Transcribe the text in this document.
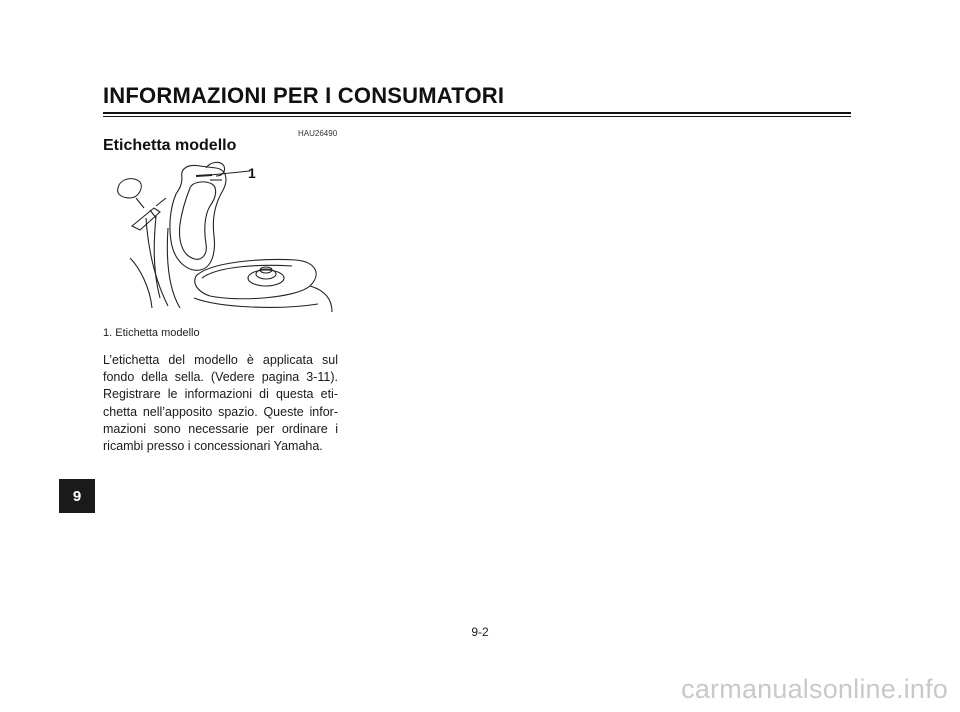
INFORMAZIONI PER I CONSUMATORI
HAU26490
Etichetta modello
1
1. Etichetta modello

L’etichetta del modello è applicata sul fondo della sella. (Vedere pagina 3-11). Registrare le informazioni di questa eti-chetta nell’apposito spazio. Queste infor-mazioni sono necessarie per ordinare i ricambi presso i concessionari Yamaha.

9
9-2
carmanualsonline.info
